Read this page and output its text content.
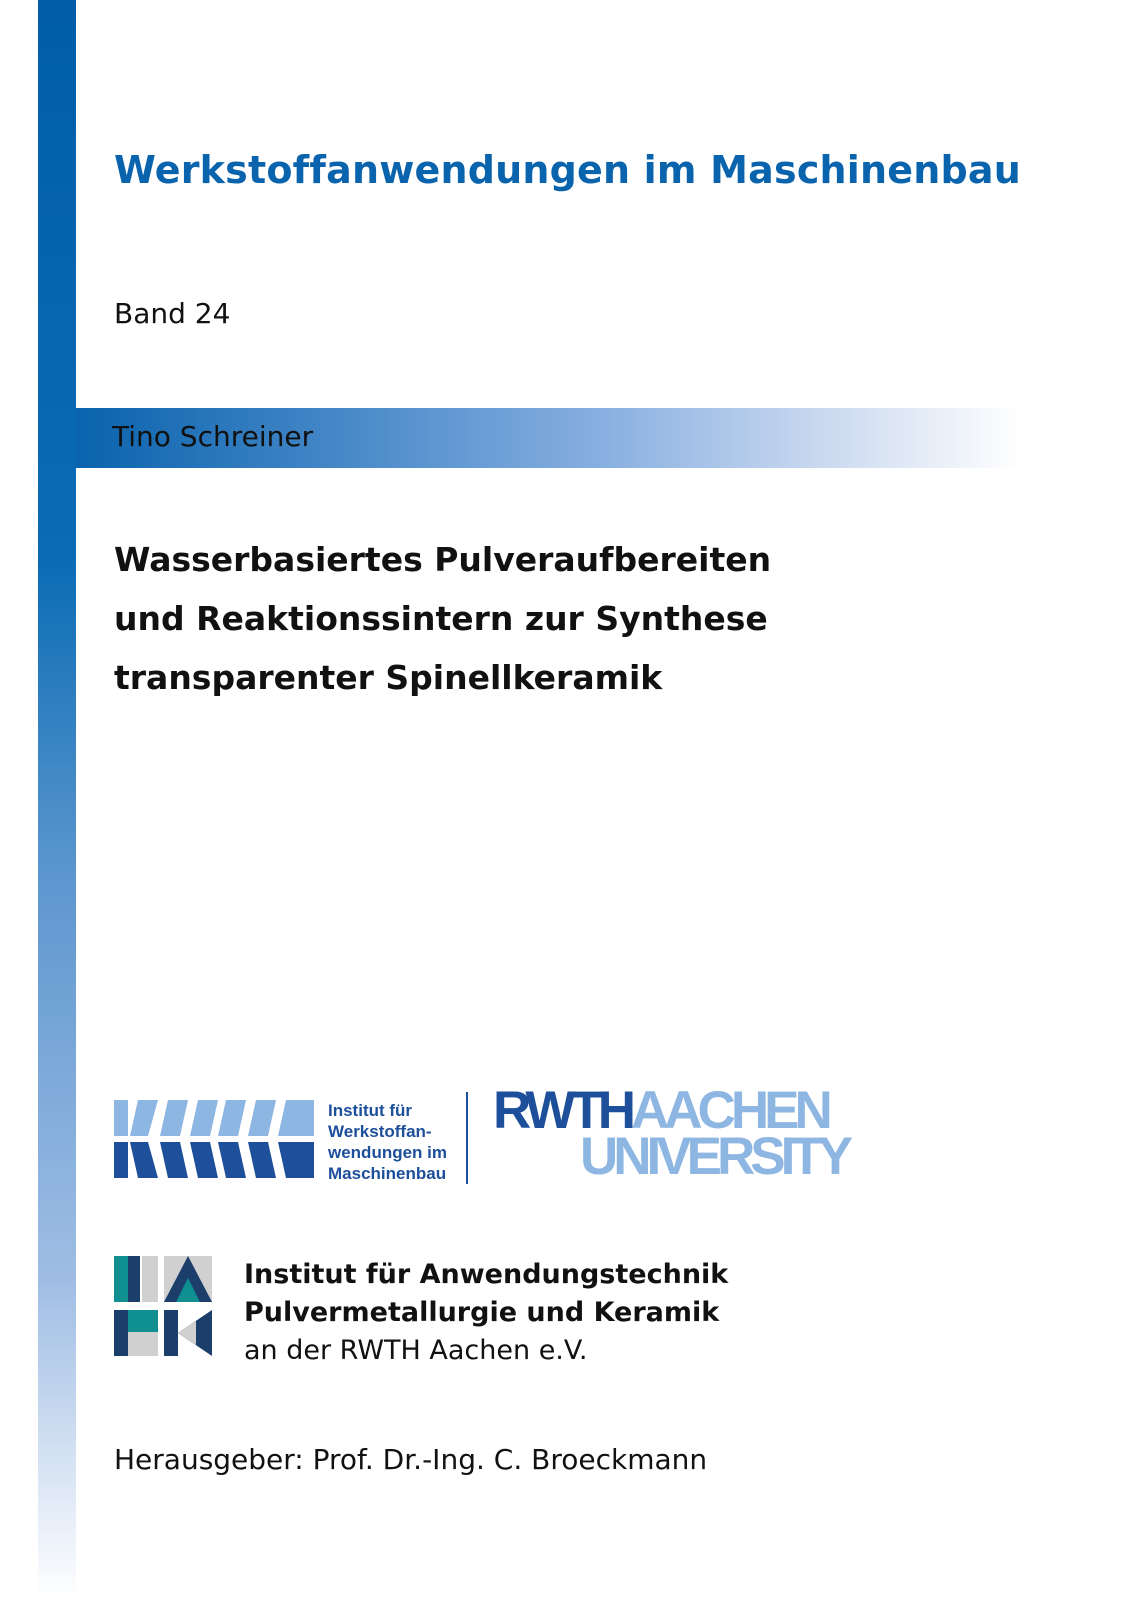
Werkstoffanwendungen im Maschinenbau
Band 24
Tino Schreiner
Wasserbasiertes Pulveraufbereiten
und Reaktionssintern zur Synthese
transparenter Spinellkeramik
Institut für
Werkstoffan-
wendungen im
Maschinenbau
RWTHAACHEN
UNIVERSITY
Institut für Anwendungstechnik
Pulvermetallurgie und Keramik
an der RWTH Aachen e.V.
Herausgeber: Prof. Dr.-Ing. C. Broeckmann
